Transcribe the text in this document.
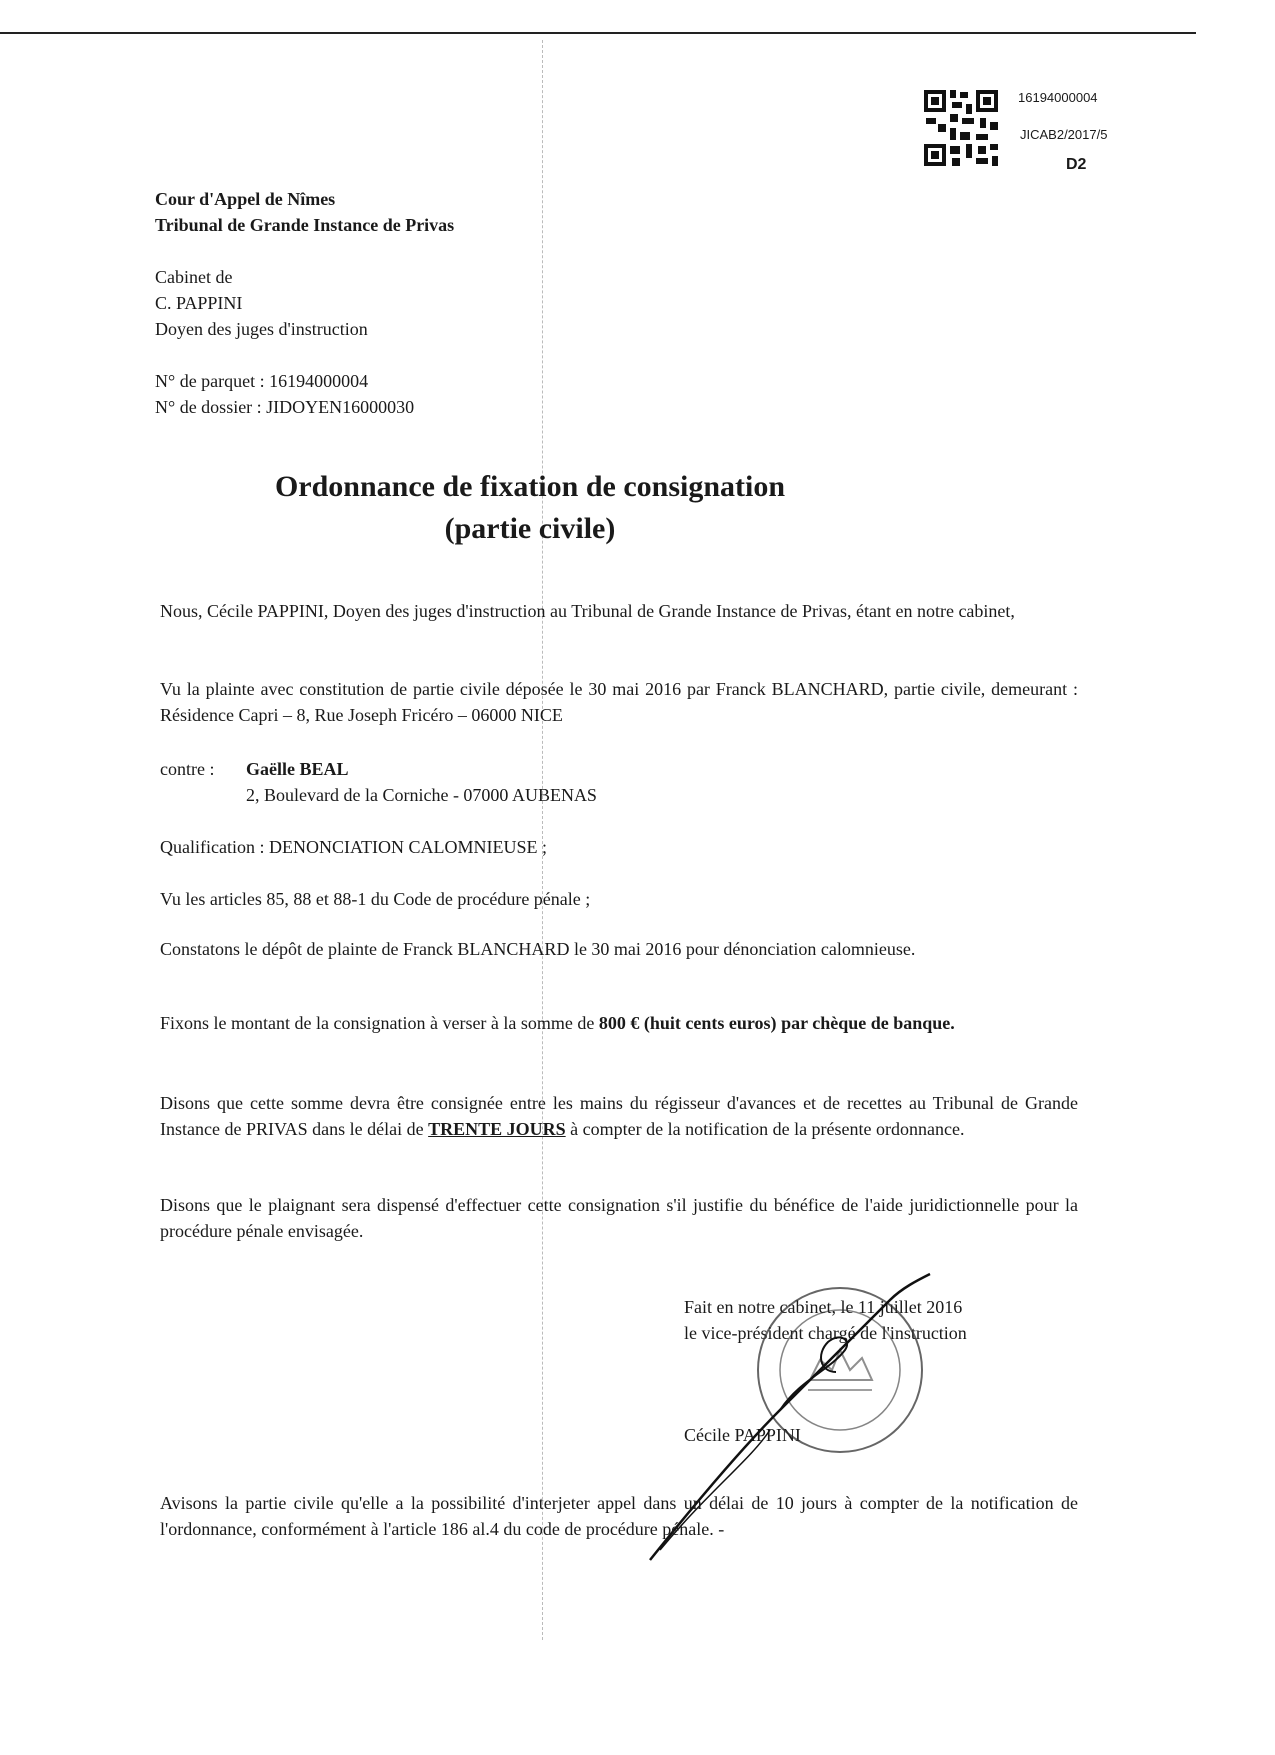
16194000004
JICAB2/2017/5
D2
Cour d'Appel de Nîmes
Tribunal de Grande Instance de Privas
Cabinet de
C. PAPPINI
Doyen des juges d'instruction
N° de parquet : 16194000004
N° de dossier : JIDOYEN16000030
Ordonnance de fixation de consignation
(partie civile)
Nous, Cécile PAPPINI, Doyen des juges d'instruction au Tribunal de Grande Instance de Privas, étant en notre cabinet,
Vu la plainte avec constitution de partie civile déposée le 30 mai 2016 par Franck BLANCHARD, partie civile, demeurant : Résidence Capri – 8, Rue Joseph Fricéro – 06000 NICE
contre : Gaëlle BEAL
2, Boulevard de la Corniche - 07000 AUBENAS
Qualification : DENONCIATION CALOMNIEUSE ;
Vu les articles 85, 88 et 88-1 du Code de procédure pénale ;
Constatons le dépôt de plainte de Franck BLANCHARD le 30 mai 2016 pour dénonciation calomnieuse.
Fixons le montant de la consignation à verser à la somme de 800 € (huit cents euros) par chèque de banque.
Disons que cette somme devra être consignée entre les mains du régisseur d'avances et de recettes au Tribunal de Grande Instance de PRIVAS dans le délai de TRENTE JOURS à compter de la notification de la présente ordonnance.
Disons que le plaignant sera dispensé d'effectuer cette consignation s'il justifie du bénéfice de l'aide juridictionnelle pour la procédure pénale envisagée.
Fait en notre cabinet, le 11 juillet 2016
le vice-président chargé de l'instruction
Cécile PAPPINI
Avisons la partie civile qu'elle a la possibilité d'interjeter appel dans un délai de 10 jours à compter de la notification de l'ordonnance, conformément à l'article 186 al.4 du code de procédure pénale. -
